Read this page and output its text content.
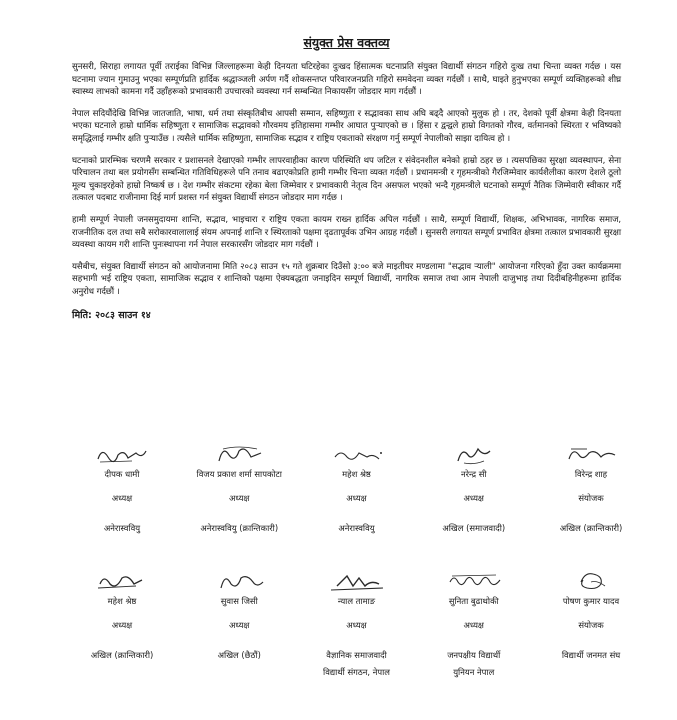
संयुक्त प्रेस वक्तव्य

सुनसरी, सिराहा लगायत पूर्वी तराईका विभिन्न जिल्लाहरूमा केही दिनयता घटिरहेका दुःखद हिंसात्मक घटनाप्रति संयुक्त विद्यार्थी संगठन गहिरो दुःख तथा चिन्ता व्यक्त गर्दछ । यस घटनामा ज्यान गुमाउनु भएका सम्पूर्णप्रति हार्दिक श्रद्धाञ्जली अर्पण गर्दै शोकसन्तप्त परिवारजनप्रति गहिरो समवेदना व्यक्त गर्दछौं । साथै, घाइते हुनुभएका सम्पूर्ण व्यक्तिहरूको शीघ्र स्वास्थ्य लाभको कामना गर्दै उहाँहरूको प्रभावकारी उपचारको व्यवस्था गर्न सम्बन्धित निकायसँग जोडदार माग गर्दछौं ।

नेपाल सदियौंदेखि विभिन्न जातजाति, भाषा, धर्म तथा संस्कृतिबीच आपसी सम्मान, सहिष्णुता र सद्भावका साथ अघि बढ्दै आएको मुलुक हो । तर, देशको पूर्वी क्षेत्रमा केही दिनयता भएका घटनाले हाम्रो धार्मिक सहिष्णुता र सामाजिक सद्भावको गौरवमय इतिहासमा गम्भीर आघात पुऱ्याएको छ । हिंसा र द्वन्द्वले हाम्रो विगतको गौरव, वर्तमानको स्थिरता र भविष्यको समृद्धिलाई गम्भीर क्षति पुऱ्याउँछ । त्यसैले धार्मिक सहिष्णुता, सामाजिक सद्भाव र राष्ट्रिय एकताको संरक्षण गर्नु सम्पूर्ण नेपालीको साझा दायित्व हो ।

घटनाको प्रारम्भिक चरणमै सरकार र प्रशासनले देखाएको गम्भीर लापरवाहीका कारण परिस्थिति थप जटिल र संवेदनशील बनेको हाम्रो ठहर छ । त्यसपछिका सुरक्षा व्यवस्थापन, सेना परिचालन तथा बल प्रयोगसँग सम्बन्धित गतिविधिहरूले पनि तनाव बढाएकोप्रति हामी गम्भीर चिन्ता व्यक्त गर्दछौं । प्रधानमन्त्री र गृहमन्त्रीको गैरजिम्मेवार कार्यशैलीका कारण देशले ठूलो मूल्य चुकाइरहेको हाम्रो निष्कर्ष छ । देश गम्भीर संकटमा रहेका बेला जिम्मेवार र प्रभावकारी नेतृत्व दिन असफल भएको भन्दै गृहमन्त्रीले घटनाको सम्पूर्ण नैतिक जिम्मेवारी स्वीकार गर्दै तत्काल पदबाट राजीनामा दिई मार्ग प्रशस्त गर्न संयुक्त विद्यार्थी संगठन जोडदार माग गर्दछ ।

हामी सम्पूर्ण नेपाली जनसमुदायमा शान्ति, सद्भाव, भाइचारा र राष्ट्रिय एकता कायम राख्न हार्दिक अपिल गर्दछौं । साथै, सम्पूर्ण विद्यार्थी, शिक्षक, अभिभावक, नागरिक समाज, राजनीतिक दल तथा सबै सरोकारवालालाई संयम अपनाई शान्ति र स्थिरताको पक्षमा दृढतापूर्वक उभिन आग्रह गर्दछौं । सुनसरी लगायत सम्पूर्ण प्रभावित क्षेत्रमा तत्काल प्रभावकारी सुरक्षा व्यवस्था कायम गरी शान्ति पुनःस्थापना गर्न नेपाल सरकारसँग जोडदार माग गर्दछौं ।

यसैबीच, संयुक्त विद्यार्थी संगठन को आयोजनामा मिति २०८३ साउन १५ गते शुक्रबार दिउँसो ३:०० बजे माइतीघर मण्डलामा "सद्भाव र्‍याली" आयोजना गरिएको हुँदा उक्त कार्यक्रममा सहभागी भई राष्ट्रिय एकता, सामाजिक सद्भाव र शान्तिको पक्षमा ऐक्यबद्धता जनाइदिन सम्पूर्ण विद्यार्थी, नागरिक समाज तथा आम नेपाली दाजुभाइ तथा दिदीबहिनीहरूमा हार्दिक अनुरोध गर्दछौं ।

मिति: २०८३ साउन १४
दीपक धामी
अध्यक्ष
अनेरास्ववियु
विजय प्रकाश शर्मा सापकोटा
अध्यक्ष
अनेरास्ववियु (क्रान्तिकारी)
महेश श्रेष्ठ
अध्यक्ष
अनेरास्ववियु
नरेन्द्र सी
अध्यक्ष
अखिल (समाजवादी)
विरेन्द्र शाह
संयोजक
अखिल (क्रान्तिकारी)
महेश श्रेष्ठ
अध्यक्ष
अखिल (क्रान्तिकारी)
सुवास जिसी
अध्यक्ष
अखिल (छैठौं)
न्याल तामाङ
अध्यक्ष
वैज्ञानिक समाजवादी
विद्यार्थी संगठन, नेपाल
सुनिता बुढाथोकी
अध्यक्ष
जनपक्षीय विद्यार्थी
युनियन नेपाल
पोषण कुमार यादव
संयोजक
विद्यार्थी जनमत संघ
